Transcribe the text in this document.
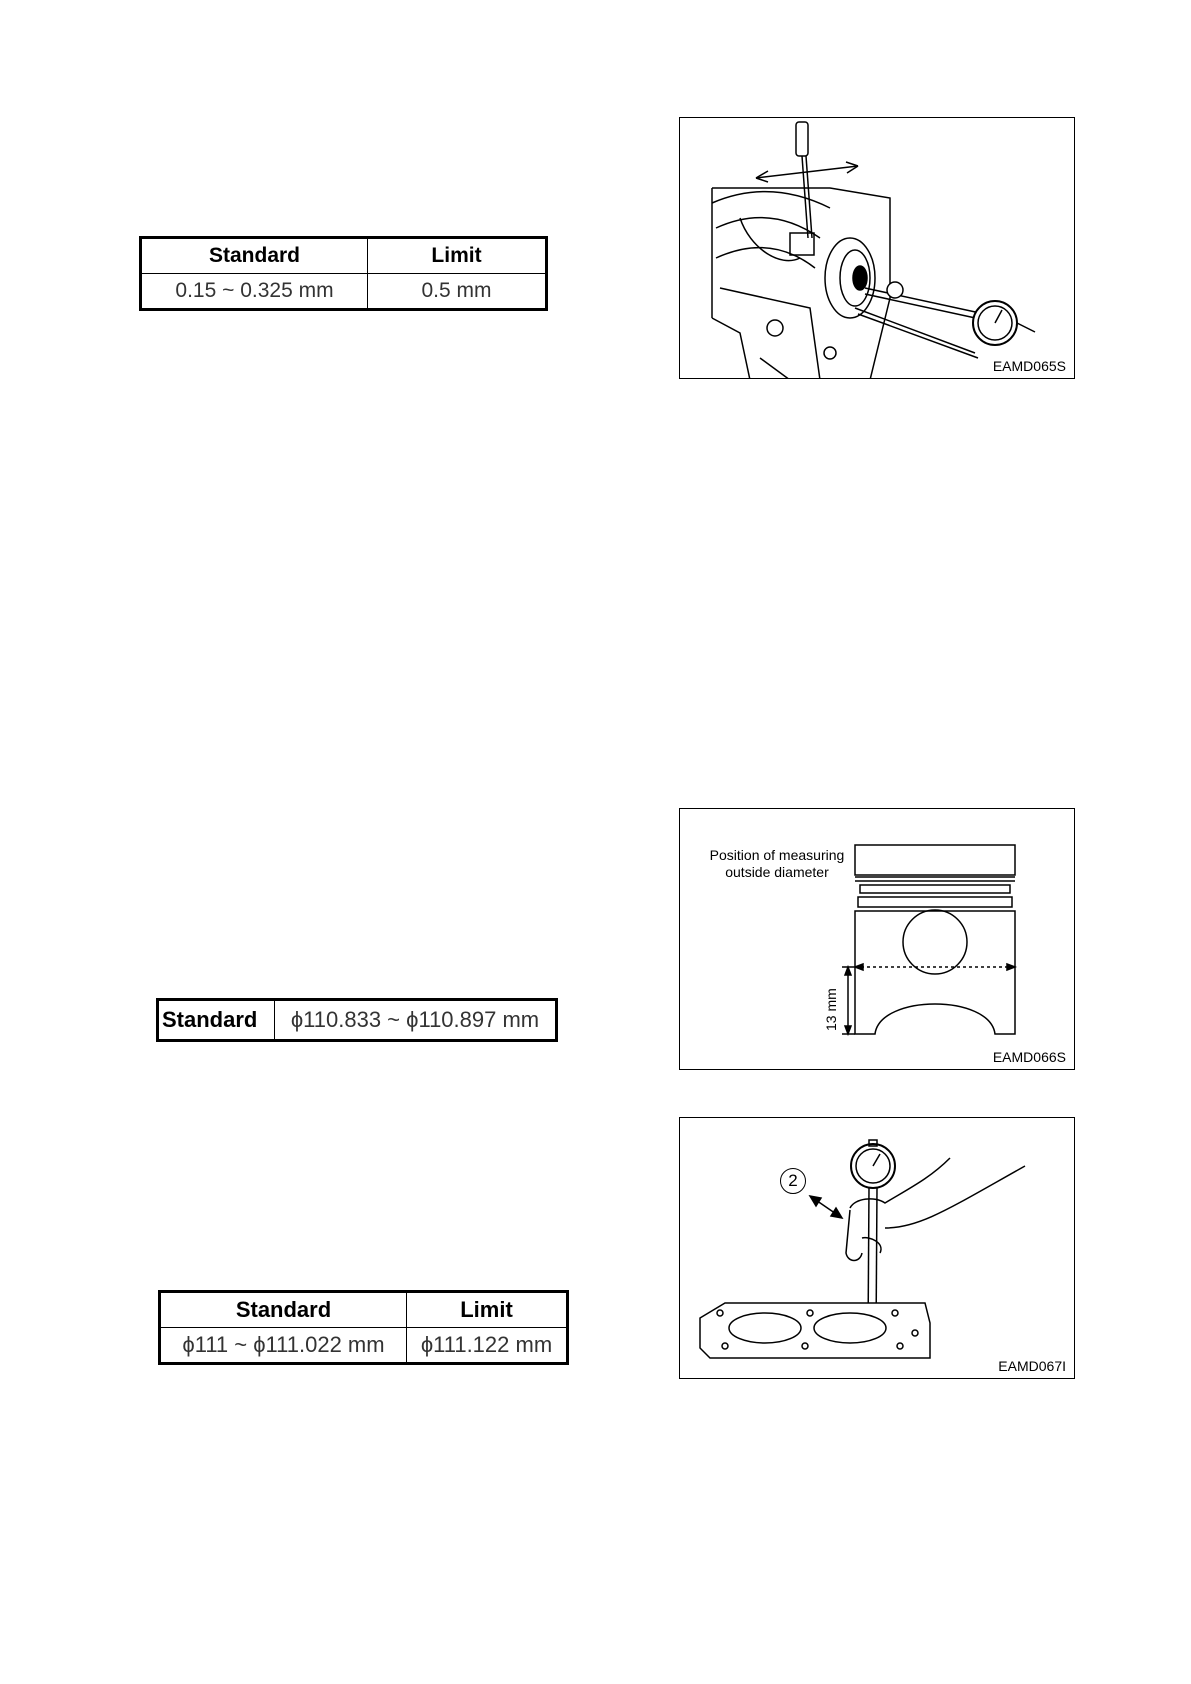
Standard	Limit
0.15 ~ 0.325 mm	0.5 mm
EAMD065S
Position of measuring
outside diameter
13 mm
EAMD066S
Standard	ϕ110.833 ~ ϕ110.897 mm
2
EAMD067I
Standard	Limit
ϕ111 ~ ϕ111.022 mm	ϕ111.122 mm
